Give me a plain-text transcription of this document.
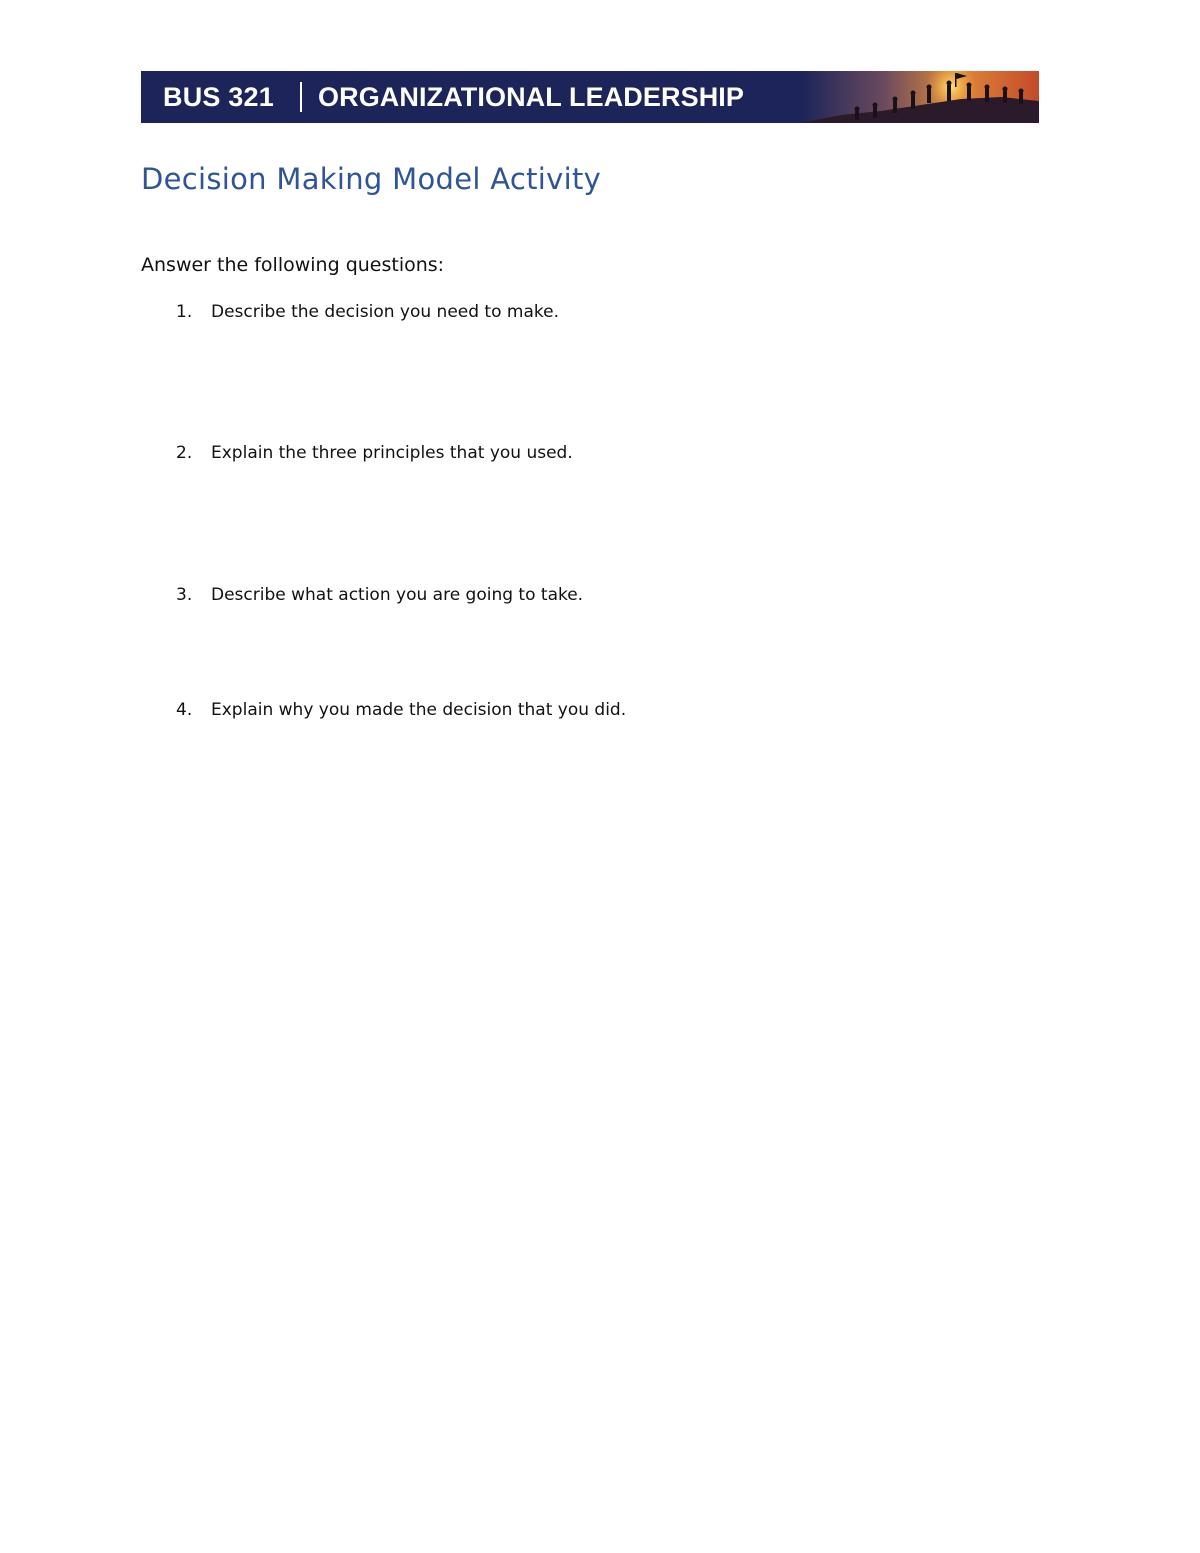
BUS 321 ORGANIZATIONAL LEADERSHIP
Decision Making Model Activity
Answer the following questions:
1. Describe the decision you need to make.
2. Explain the three principles that you used.
3. Describe what action you are going to take.
4. Explain why you made the decision that you did.
